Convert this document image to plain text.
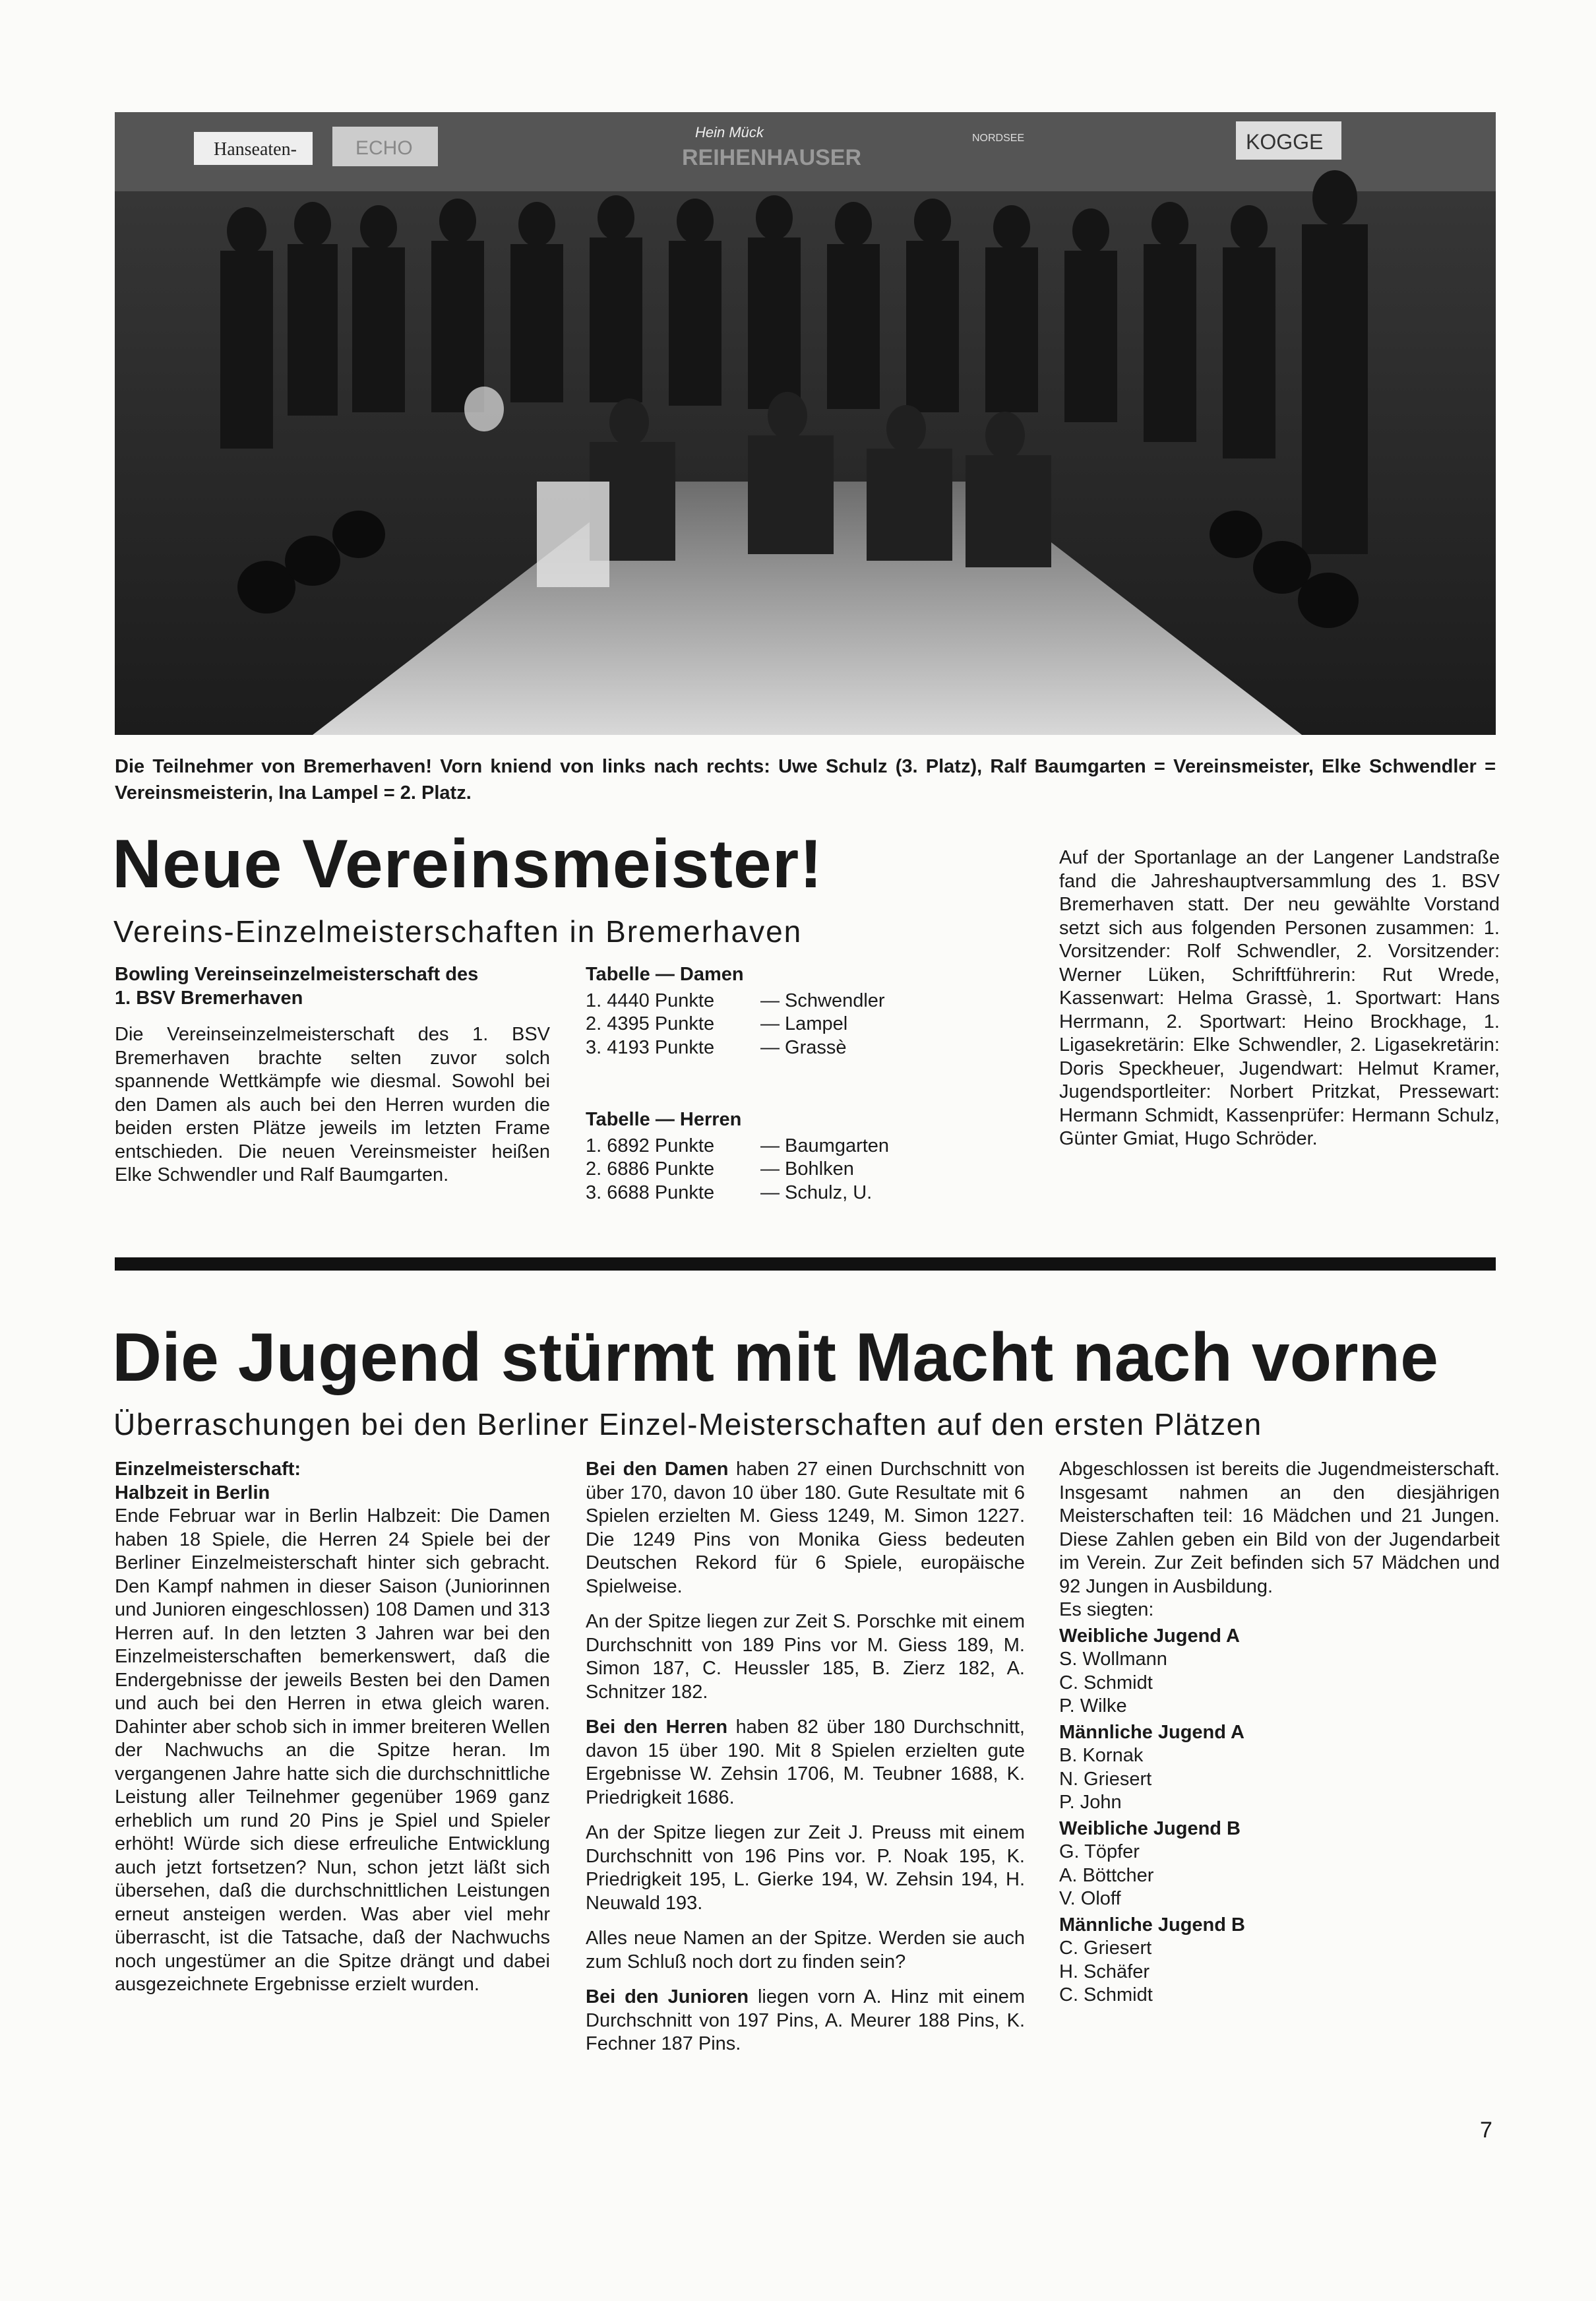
Hanseaten-	ECHO
Hein Mück
REIHENHAUSER
NORDSEE	KOGGE
Die Teilnehmer von Bremerhaven! Vorn kniend von links nach rechts: Uwe Schulz (3. Platz), Ralf Baumgarten = Vereinsmeister, Elke Schwendler = Vereinsmeisterin, Ina Lampel = 2. Platz.
Neue Vereinsmeister!
Vereins-Einzelmeisterschaften in Bremerhaven
Bowling Vereinseinzelmeisterschaft des
1. BSV Bremerhaven

Die Vereinseinzelmeisterschaft des 1. BSV Bremerhaven brachte selten zuvor solch spannende Wettkämpfe wie diesmal. Sowohl bei den Damen als auch bei den Herren wurden die beiden ersten Plätze jeweils im letzten Frame entschieden. Die neuen Vereinsmeister heißen Elke Schwendler und Ralf Baumgarten.

Tabelle — Damen
1. 4440 Punkte	— Schwendler
2. 4395 Punkte	— Lampel
3. 4193 Punkte	— Grassè
Tabelle — Herren
1. 6892 Punkte	— Baumgarten
2. 6886 Punkte	— Bohlken
3. 6688 Punkte	— Schulz, U.

Auf der Sportanlage an der Langener Landstraße fand die Jahreshauptversammlung des 1. BSV Bremerhaven statt. Der neu gewählte Vorstand setzt sich aus folgenden Personen zusammen: 1. Vorsitzender: Rolf Schwendler, 2. Vorsitzender: Werner Lüken, Schriftführerin: Rut Wrede, Kassenwart: Helma Grassè, 1. Sportwart: Hans Herrmann, 2. Sportwart: Heino Brockhage, 1. Ligasekretärin: Elke Schwendler, 2. Ligasekretärin: Doris Speckheuer, Jugendwart: Helmut Kramer, Jugendsportleiter: Norbert Pritzkat, Pressewart: Hermann Schmidt, Kassenprüfer: Hermann Schulz, Günter Gmiat, Hugo Schröder.

Die Jugend stürmt mit Macht nach vorne
Überraschungen bei den Berliner Einzel-Meisterschaften auf den ersten Plätzen
Einzelmeisterschaft:
Halbzeit in Berlin

Ende Februar war in Berlin Halbzeit: Die Damen haben 18 Spiele, die Herren 24 Spiele bei der Berliner Einzelmeisterschaft hinter sich gebracht. Den Kampf nahmen in dieser Saison (Juniorinnen und Junioren eingeschlossen) 108 Damen und 313 Herren auf. In den letzten 3 Jahren war bei den Einzelmeisterschaften bemerkenswert, daß die Endergebnisse der jeweils Besten bei den Damen und auch bei den Herren in etwa gleich waren. Dahinter aber schob sich in immer breiteren Wellen der Nachwuchs an die Spitze heran. Im vergangenen Jahre hatte sich die durchschnittliche Leistung aller Teilnehmer gegenüber 1969 ganz erheblich um rund 20 Pins je Spiel und Spieler erhöht! Würde sich diese erfreuliche Entwicklung auch jetzt fortsetzen? Nun, schon jetzt läßt sich übersehen, daß die durchschnittlichen Leistungen erneut ansteigen werden. Was aber viel mehr überrascht, ist die Tatsache, daß der Nachwuchs noch ungestümer an die Spitze drängt und dabei ausgezeichnete Ergebnisse erzielt wurden.

Bei den Damen haben 27 einen Durchschnitt von über 170, davon 10 über 180. Gute Resultate mit 6 Spielen erzielten M. Giess 1249, M. Simon 1227. Die 1249 Pins von Monika Giess bedeuten Deutschen Rekord für 6 Spiele, europäische Spielweise.

An der Spitze liegen zur Zeit S. Porschke mit einem Durchschnitt von 189 Pins vor M. Giess 189, M. Simon 187, C. Heussler 185, B. Zierz 182, A. Schnitzer 182.

Bei den Herren haben 82 über 180 Durchschnitt, davon 15 über 190. Mit 8 Spielen erzielten gute Ergebnisse W. Zehsin 1706, M. Teubner 1688, K. Priedrigkeit 1686.

An der Spitze liegen zur Zeit J. Preuss mit einem Durchschnitt von 196 Pins vor. P. Noak 195, K. Priedrigkeit 195, L. Gierke 194, W. Zehsin 194, H. Neuwald 193.

Alles neue Namen an der Spitze. Werden sie auch zum Schluß noch dort zu finden sein?

Bei den Junioren liegen vorn A. Hinz mit einem Durchschnitt von 197 Pins, A. Meurer 188 Pins, K. Fechner 187 Pins.

Abgeschlossen ist bereits die Jugendmeisterschaft. Insgesamt nahmen an den diesjährigen Meisterschaften teil: 16 Mädchen und 21 Jungen. Diese Zahlen geben ein Bild von der Jugendarbeit im Verein. Zur Zeit befinden sich 57 Mädchen und 92 Jungen in Ausbildung.

Es siegten:
Weibliche Jugend A
S. Wollmann
C. Schmidt
P. Wilke
Männliche Jugend A
B. Kornak
N. Griesert
P. John
Weibliche Jugend B
G. Töpfer
A. Böttcher
V. Oloff
Männliche Jugend B
C. Griesert
H. Schäfer
C. Schmidt
7
